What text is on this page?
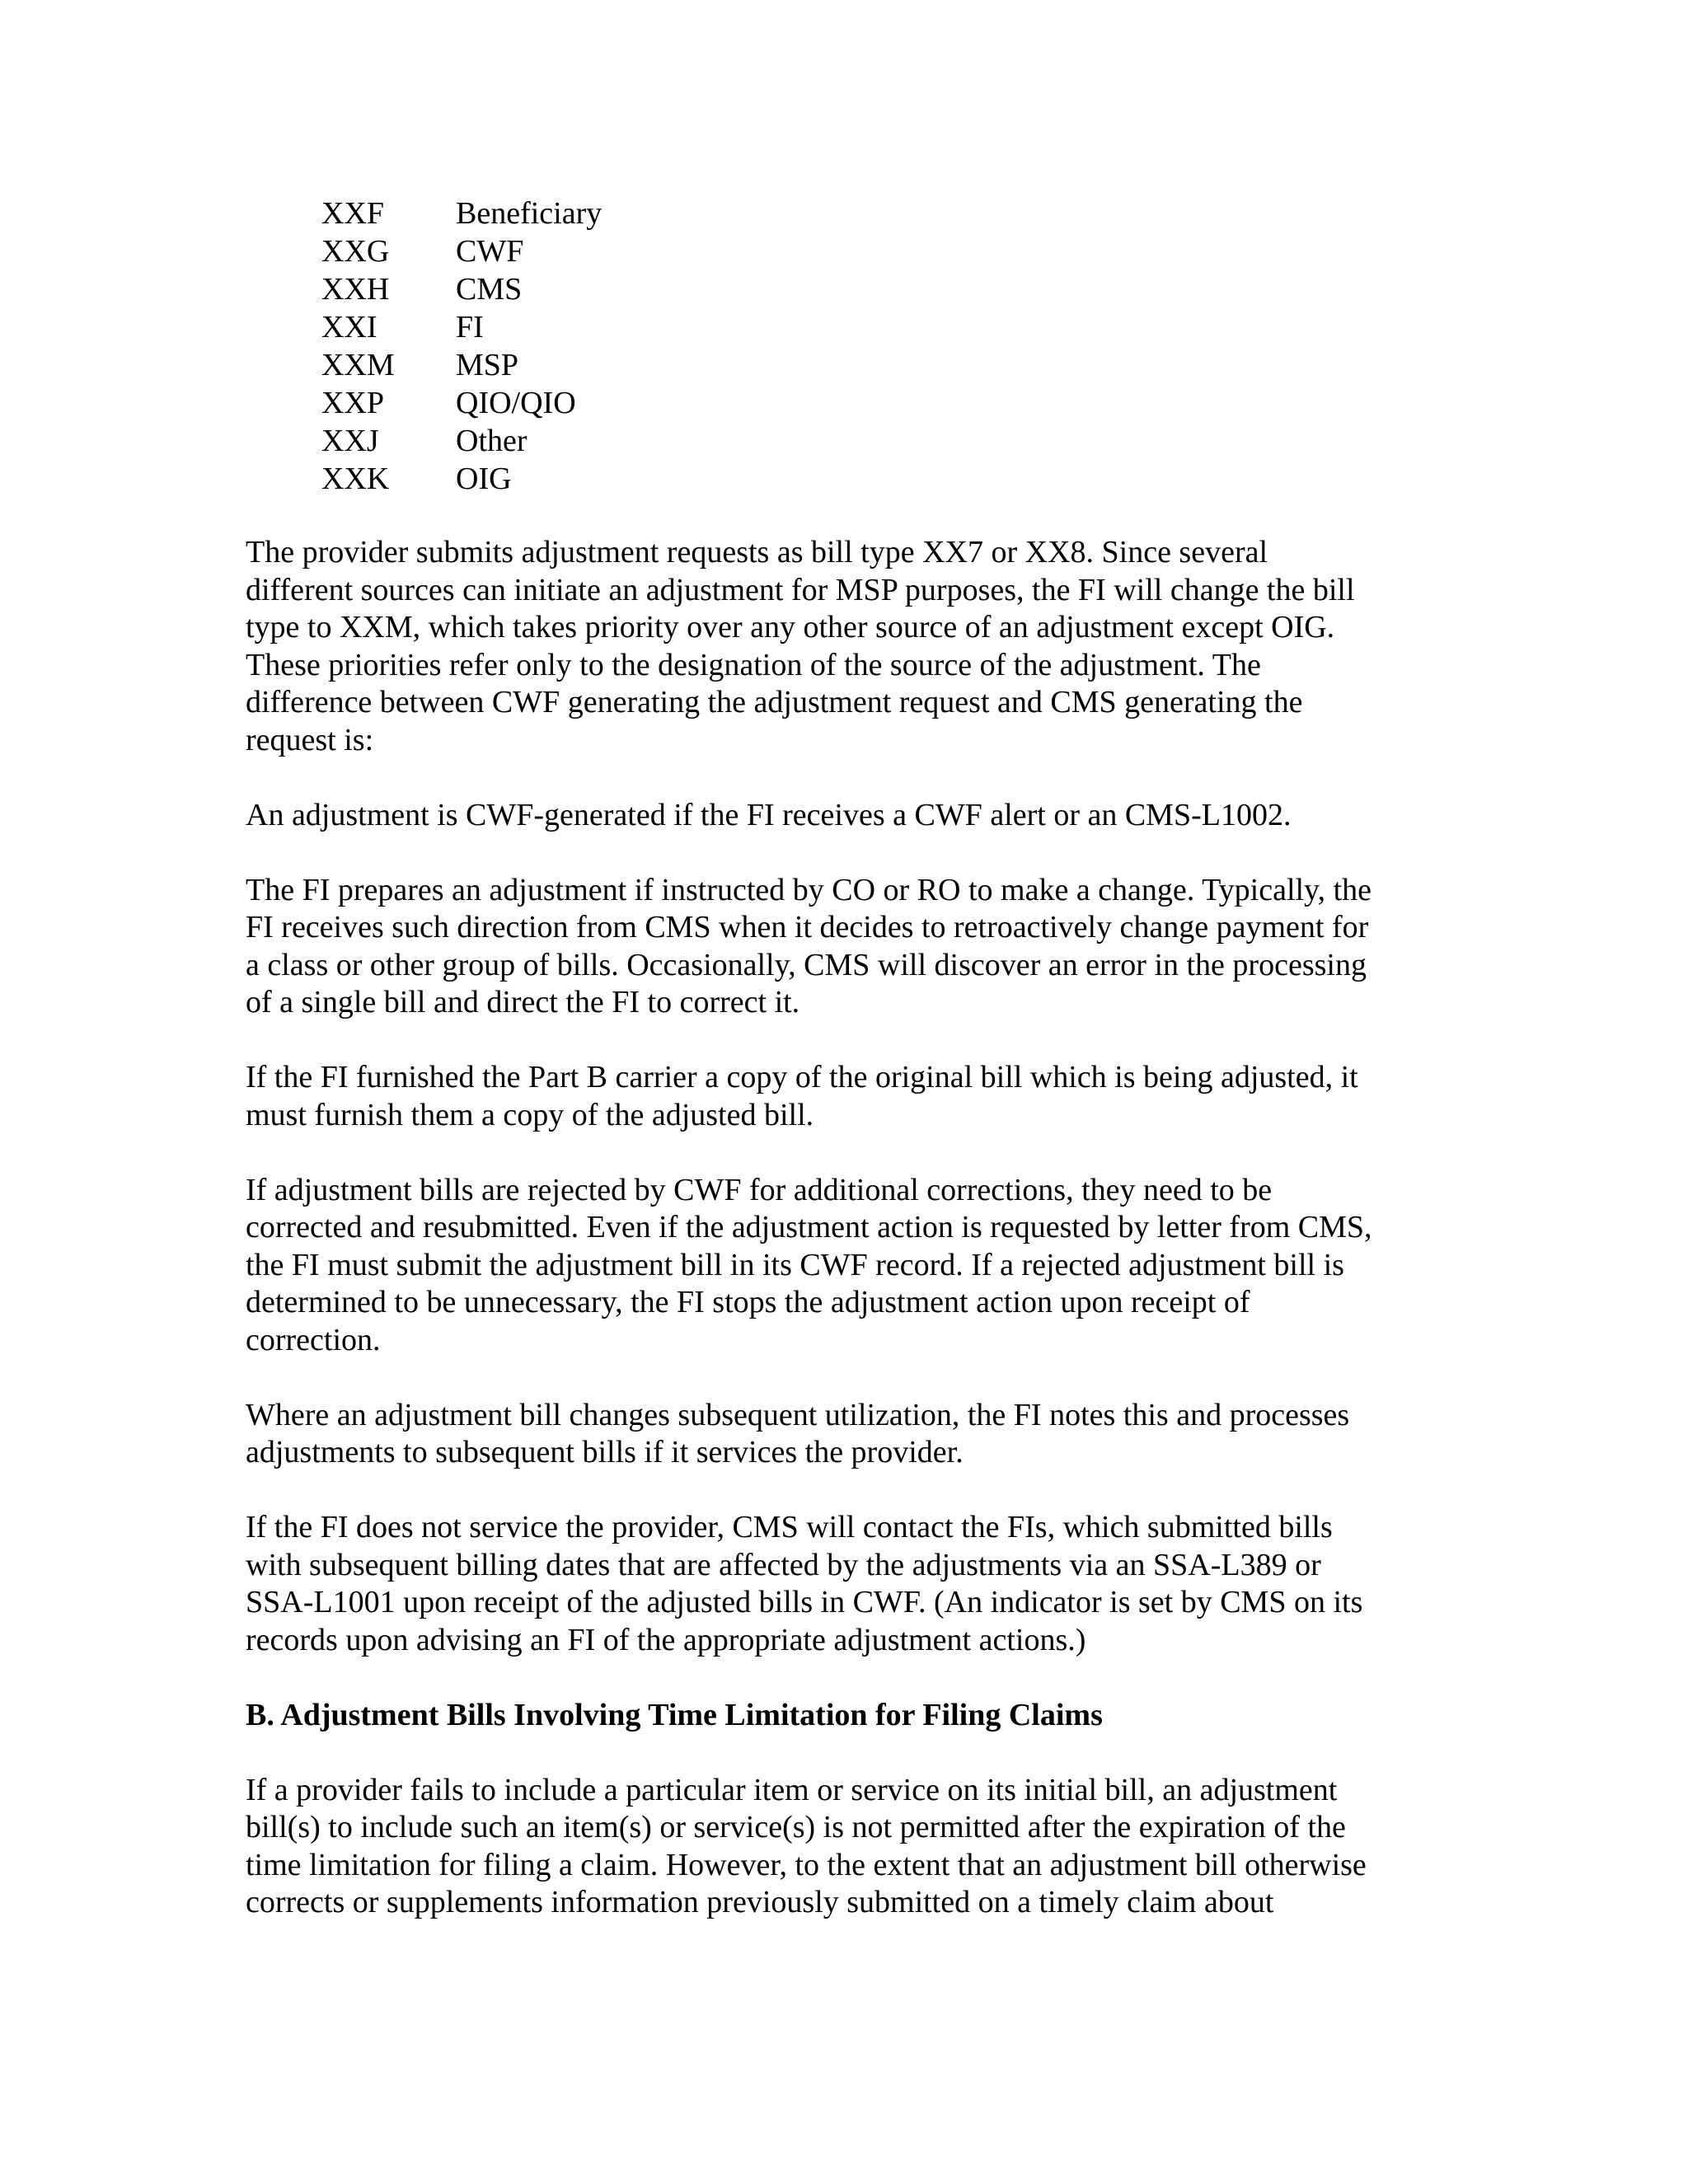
XXF	Beneficiary
XXG	CWF
XXH	CMS
XXI	FI
XXM	MSP
XXP	QIO/QIO
XXJ	Other
XXK	OIG

The provider submits adjustment requests as bill type XX7 or XX8. Since several
different sources can initiate an adjustment for MSP purposes, the FI will change the bill
type to XXM, which takes priority over any other source of an adjustment except OIG.
These priorities refer only to the designation of the source of the adjustment. The
difference between CWF generating the adjustment request and CMS generating the
request is:

An adjustment is CWF-generated if the FI receives a CWF alert or an CMS-L1002.

The FI prepares an adjustment if instructed by CO or RO to make a change. Typically, the
FI receives such direction from CMS when it decides to retroactively change payment for
a class or other group of bills. Occasionally, CMS will discover an error in the processing
of a single bill and direct the FI to correct it.

If the FI furnished the Part B carrier a copy of the original bill which is being adjusted, it
must furnish them a copy of the adjusted bill.

If adjustment bills are rejected by CWF for additional corrections, they need to be
corrected and resubmitted. Even if the adjustment action is requested by letter from CMS,
the FI must submit the adjustment bill in its CWF record. If a rejected adjustment bill is
determined to be unnecessary, the FI stops the adjustment action upon receipt of
correction.

Where an adjustment bill changes subsequent utilization, the FI notes this and processes
adjustments to subsequent bills if it services the provider.

If the FI does not service the provider, CMS will contact the FIs, which submitted bills
with subsequent billing dates that are affected by the adjustments via an SSA-L389 or
SSA-L1001 upon receipt of the adjusted bills in CWF. (An indicator is set by CMS on its
records upon advising an FI of the appropriate adjustment actions.)

B. Adjustment Bills Involving Time Limitation for Filing Claims

If a provider fails to include a particular item or service on its initial bill, an adjustment
bill(s) to include such an item(s) or service(s) is not permitted after the expiration of the
time limitation for filing a claim. However, to the extent that an adjustment bill otherwise
corrects or supplements information previously submitted on a timely claim about
